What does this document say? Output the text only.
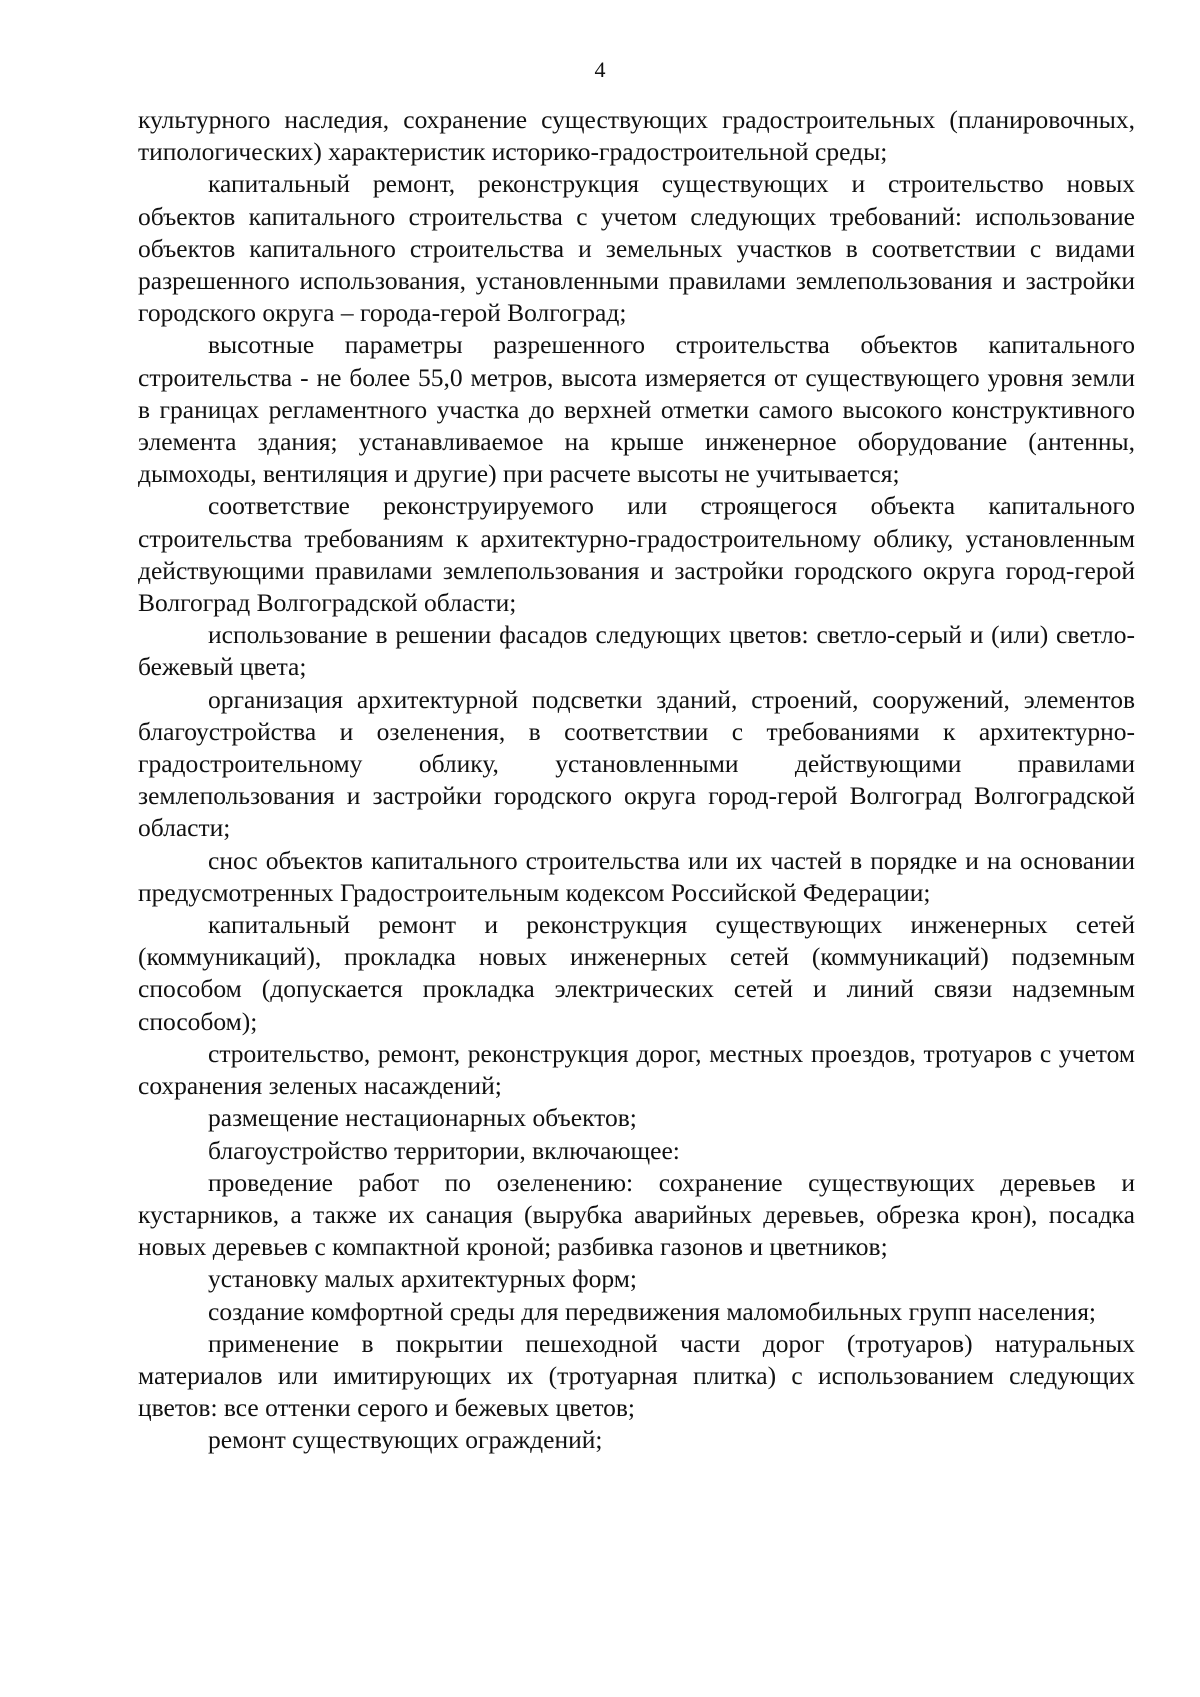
4

культурного наследия, сохранение существующих градостроительных (планировочных, типологических) характеристик историко-градостроительной среды;

капитальный ремонт, реконструкция существующих и строительство новых объектов капитального строительства с учетом следующих требований: использование объектов капитального строительства и земельных участков в соответствии с видами разрешенного использования, установленными правилами землепользования и застройки городского округа – города-герой Волгоград;

высотные параметры разрешенного строительства объектов капитального строительства - не более 55,0 метров, высота измеряется от существующего уровня земли в границах регламентного участка до верхней отметки самого высокого конструктивного элемента здания; устанавливаемое на крыше инженерное оборудование (антенны, дымоходы, вентиляция и другие) при расчете высоты не учитывается;

соответствие реконструируемого или строящегося объекта капитального строительства требованиям к архитектурно-градостроительному облику, установленным действующими правилами землепользования и застройки городского округа город-герой Волгоград Волгоградской области;

использование в решении фасадов следующих цветов: светло-серый и (или) светло- бежевый цвета;

организация архитектурной подсветки зданий, строений, сооружений, элементов благоустройства и озеленения, в соответствии с требованиями к архитектурно-градостроительному облику, установленными действующими правилами землепользования и застройки городского округа город-герой Волгоград Волгоградской области;

снос объектов капитального строительства или их частей в порядке и на основании предусмотренных Градостроительным кодексом Российской Федерации;

капитальный ремонт и реконструкция существующих инженерных сетей (коммуникаций), прокладка новых инженерных сетей (коммуникаций) подземным способом (допускается прокладка электрических сетей и линий связи надземным способом);

строительство, ремонт, реконструкция дорог, местных проездов, тротуаров с учетом сохранения зеленых насаждений;

размещение нестационарных объектов;

благоустройство территории, включающее:

проведение работ по озеленению: сохранение существующих деревьев и кустарников, а также их санация (вырубка аварийных деревьев, обрезка крон), посадка новых деревьев с компактной кроной; разбивка газонов и цветников;

установку малых архитектурных форм;

создание комфортной среды для передвижения маломобильных групп населения;

применение в покрытии пешеходной части дорог (тротуаров) натуральных материалов или имитирующих их (тротуарная плитка) с использованием следующих цветов: все оттенки серого и бежевых цветов;

ремонт существующих ограждений;
